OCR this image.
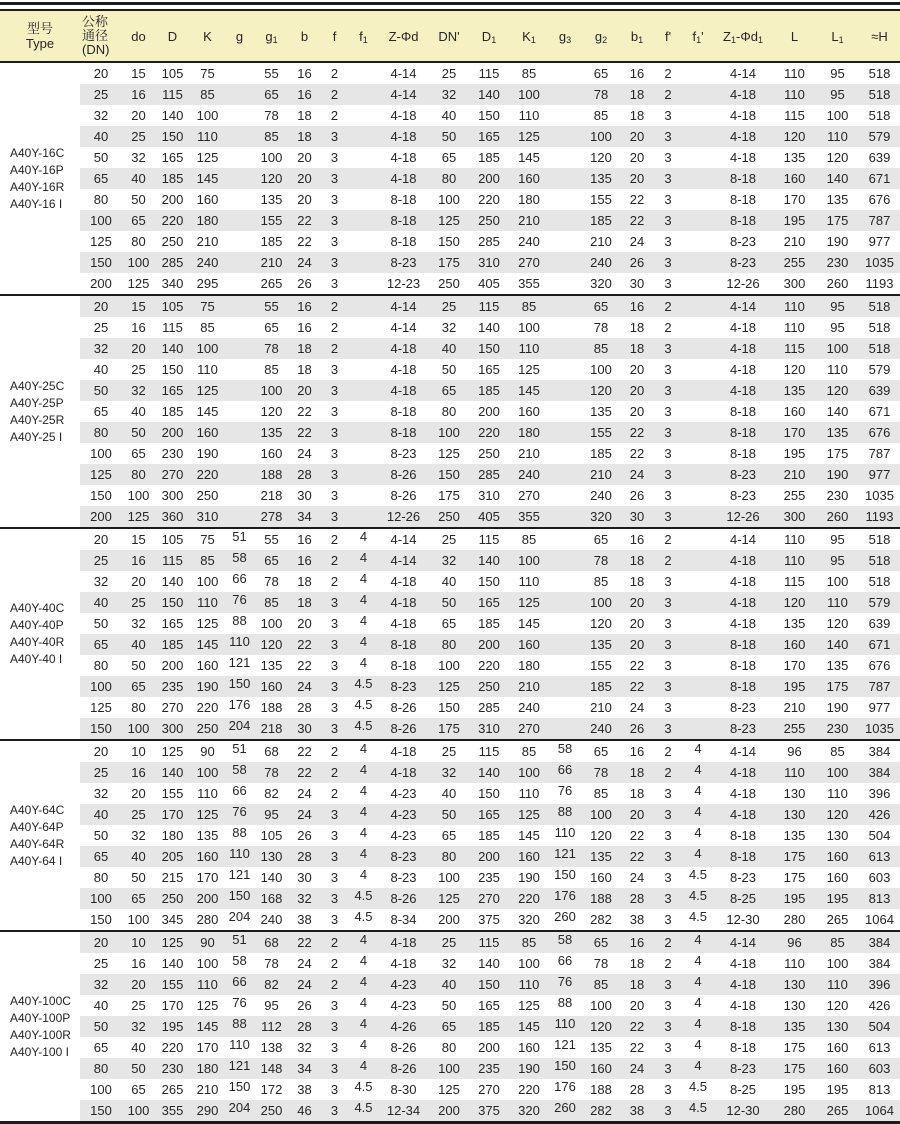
型号
Type

公称
通径
(DN)
	do	D	K	g	$g_1$	b	f	$f_1$	Z-Φd	DN'	$D_1$	$K_1$	$g_3$	$g_2$	$b_1$	f'	$f_1'$	$Z_1-\Phi d_1$	L	$L_1$	≈H

A40Y-16C
A40Y-16P
A40Y-16R
A40Y-16 I	20	15	105	75		55	16	2		4-14	25	115	85		65	16	2		4-14	110	95	518
	25	16	115	85		65	16	2		4-14	32	140	100		78	18	2		4-18	110	95	518
	32	20	140	100		78	18	2		4-18	40	150	110		85	18	3		4-18	115	100	518
	40	25	150	110		85	18	3		4-18	50	165	125		100	20	3		4-18	120	110	579
	50	32	165	125		100	20	3		4-18	65	185	145		120	20	3		4-18	135	120	639
	65	40	185	145		120	20	3		4-18	80	200	160		135	20	3		8-18	160	140	671
	80	50	200	160		135	20	3		8-18	100	220	180		155	22	3		8-18	170	135	676
	100	65	220	180		155	22	3		8-18	125	250	210		185	22	3		8-18	195	175	787
	125	80	250	210		185	22	3		8-18	150	285	240		210	24	3		8-23	210	190	977
	150	100	285	240		210	24	3		8-23	175	310	270		240	26	3		8-23	255	230	1035
	200	125	340	295		265	26	3		12-23	250	405	355		320	30	3		12-26	300	260	1193

A40Y-25C
A40Y-25P
A40Y-25R
A40Y-25 I	20	15	105	75		55	16	2		4-14	25	115	85		65	16	2		4-14	110	95	518
	25	16	115	85		65	16	2		4-14	32	140	100		78	18	2		4-18	110	95	518
	32	20	140	100		78	18	2		4-18	40	150	110		85	18	3		4-18	115	100	518
	40	25	150	110		85	18	3		4-18	50	165	125		100	20	3		4-18	120	110	579
	50	32	165	125		100	20	3		4-18	65	185	145		120	20	3		4-18	135	120	639
	65	40	185	145		120	22	3		8-18	80	200	160		135	20	3		8-18	160	140	671
	80	50	200	160		135	22	3		8-18	100	220	180		155	22	3		8-18	170	135	676
	100	65	230	190		160	24	3		8-23	125	250	210		185	22	3		8-18	195	175	787
	125	80	270	220		188	28	3		8-26	150	285	240		210	24	3		8-23	210	190	977
	150	100	300	250		218	30	3		8-26	175	310	270		240	26	3		8-23	255	230	1035
	200	125	360	310		278	34	3		12-26	250	405	355		320	30	3		12-26	300	260	1193

A40Y-40C
A40Y-40P
A40Y-40R
A40Y-40 I	20	15	105	75	51	55	16	2	4	4-14	25	115	85		65	16	2		4-14	110	95	518
	25	16	115	85	58	65	16	2	4	4-14	32	140	100		78	18	2		4-18	110	95	518
	32	20	140	100	66	78	18	2	4	4-18	40	150	110		85	18	3		4-18	115	100	518
	40	25	150	110	76	85	18	3	4	4-18	50	165	125		100	20	3		4-18	120	110	579
	50	32	165	125	88	100	20	3	4	4-18	65	185	145		120	20	3		4-18	135	120	639
	65	40	185	145	110	120	22	3	4	8-18	80	200	160		135	20	3		8-18	160	140	671
	80	50	200	160	121	135	22	3	4	8-18	100	220	180		155	22	3		8-18	170	135	676
	100	65	235	190	150	160	24	3	4.5	8-23	125	250	210		185	22	3		8-18	195	175	787
	125	80	270	220	176	188	28	3	4.5	8-26	150	285	240		210	24	3		8-23	210	190	977
	150	100	300	250	204	218	30	3	4.5	8-26	175	310	270		240	26	3		8-23	255	230	1035

A40Y-64C
A40Y-64P
A40Y-64R
A40Y-64 I	20	10	125	90	51	68	22	2	4	4-18	25	115	85	58	65	16	2	4	4-14	96	85	384
	25	16	140	100	58	78	22	2	4	4-18	32	140	100	66	78	18	2	4	4-18	110	100	384
	32	20	155	110	66	82	24	2	4	4-23	40	150	110	76	85	18	3	4	4-18	130	110	396
	40	25	170	125	76	95	24	3	4	4-23	50	165	125	88	100	20	3	4	4-18	130	120	426
	50	32	180	135	88	105	26	3	4	4-23	65	185	145	110	120	22	3	4	8-18	135	130	504
	65	40	205	160	110	130	28	3	4	8-23	80	200	160	121	135	22	3	4	8-18	175	160	613
	80	50	215	170	121	140	30	3	4	8-23	100	235	190	150	160	24	3	4.5	8-23	175	160	603
	100	65	250	200	150	168	32	3	4.5	8-26	125	270	220	176	188	28	3	4.5	8-25	195	195	813
	150	100	345	280	204	240	38	3	4.5	8-34	200	375	320	260	282	38	3	4.5	12-30	280	265	1064

A40Y-100C
A40Y-100P
A40Y-100R
A40Y-100 I	20	10	125	90	51	68	22	2	4	4-18	25	115	85	58	65	16	2	4	4-14	96	85	384
	25	16	140	100	58	78	24	2	4	4-18	32	140	100	66	78	18	2	4	4-18	110	100	384
	32	20	155	110	66	82	24	2	4	4-23	40	150	110	76	85	18	3	4	4-18	130	110	396
	40	25	170	125	76	95	26	3	4	4-23	50	165	125	88	100	20	3	4	4-18	130	120	426
	50	32	195	145	88	112	28	3	4	4-26	65	185	145	110	120	22	3	4	8-18	135	130	504
	65	40	220	170	110	138	32	3	4	8-26	80	200	160	121	135	22	3	4	8-18	175	160	613
	80	50	230	180	121	148	34	3	4	8-26	100	235	190	150	160	24	3	4	8-23	175	160	603
	100	65	265	210	150	172	38	3	4.5	8-30	125	270	220	176	188	28	3	4.5	8-25	195	195	813
	150	100	355	290	204	250	46	3	4.5	12-34	200	375	320	260	282	38	3	4.5	12-30	280	265	1064
